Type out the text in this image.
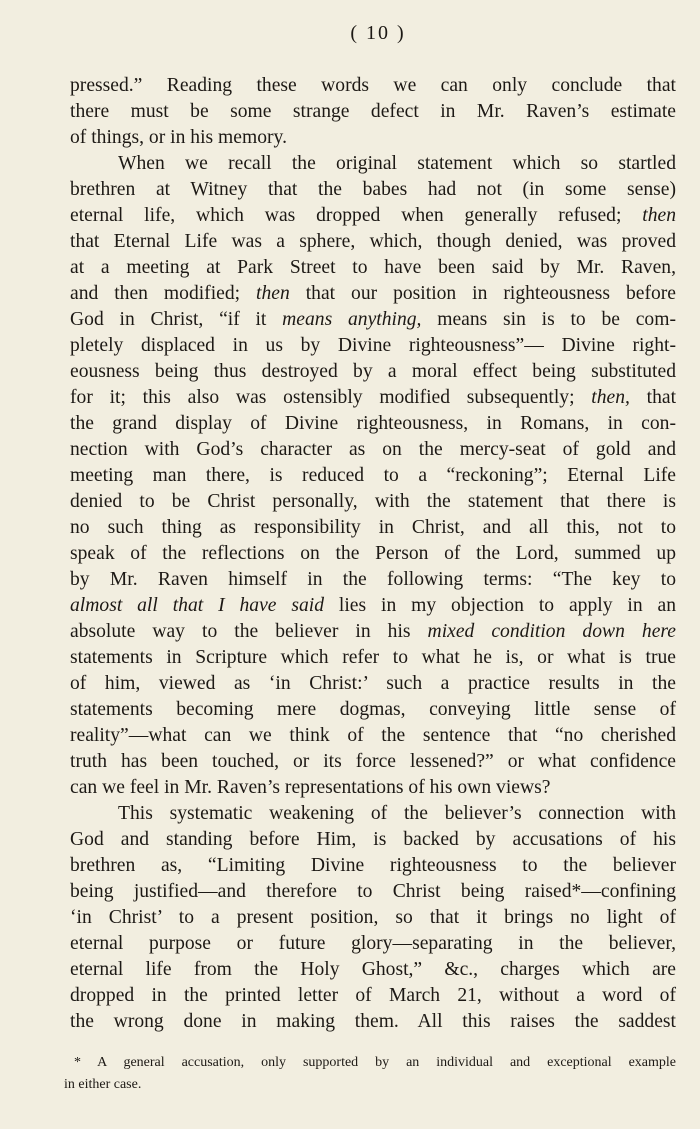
( 10 )
pressed.” Reading these words we can only conclude that
there must be some strange defect in Mr. Raven’s estimate
of things, or in his memory.
When we recall the original statement which so startled
brethren at Witney that the babes had not (in some sense)
eternal life, which was dropped when generally refused; then
that Eternal Life was a sphere, which, though denied, was proved
at a meeting at Park Street to have been said by Mr. Raven,
and then modified; then that our position in righteousness before
God in Christ, “if it means anything, means sin is to be com-
pletely displaced in us by Divine righteousness”— Divine right-
eousness being thus destroyed by a moral effect being substituted
for it; this also was ostensibly modified subsequently; then, that
the grand display of Divine righteousness, in Romans, in con-
nection with God’s character as on the mercy-seat of gold and
meeting man there, is reduced to a “reckoning”; Eternal Life
denied to be Christ personally, with the statement that there is
no such thing as responsibility in Christ, and all this, not to
speak of the reflections on the Person of the Lord, summed up
by Mr. Raven himself in the following terms: “The key to
almost all that I have said lies in my objection to apply in an
absolute way to the believer in his mixed condition down here
statements in Scripture which refer to what he is, or what is true
of him, viewed as ‘in Christ:’ such a practice results in the
statements becoming mere dogmas, conveying little sense of
reality”—what can we think of the sentence that “no cherished
truth has been touched, or its force lessened?” or what confidence
can we feel in Mr. Raven’s representations of his own views?
This systematic weakening of the believer’s connection with
God and standing before Him, is backed by accusations of his
brethren as, “Limiting Divine righteousness to the believer
being justified—and therefore to Christ being raised*—confining
‘in Christ’ to a present position, so that it brings no light of
eternal purpose or future glory—separating in the believer,
eternal life from the Holy Ghost,” &c., charges which are
dropped in the printed letter of March 21, without a word of
the wrong done in making them. All this raises the saddest
* A general accusation, only supported by an individual and exceptional example
in either case.
